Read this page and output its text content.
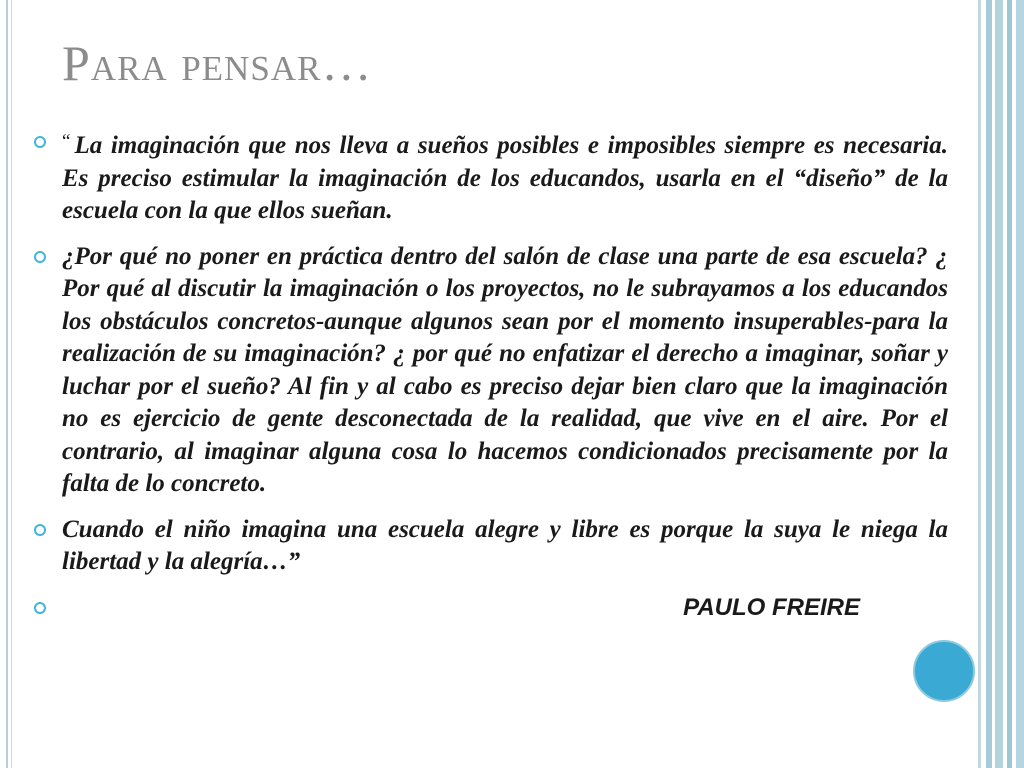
Para pensar…
“ La imaginación que nos lleva a sueños posibles e imposibles siempre es necesaria. Es preciso estimular la imaginación de los educandos, usarla en el “diseño” de la escuela con la que ellos sueñan.
¿Por qué no poner en práctica dentro del salón de clase una parte de esa escuela? ¿ Por qué al discutir la imaginación o los proyectos, no le subrayamos a los educandos los obstáculos concretos-aunque algunos sean por el momento insuperables-para la realización de su imaginación? ¿ por qué no enfatizar el derecho a imaginar, soñar y luchar por el sueño? Al fin y al cabo es preciso dejar bien claro que la imaginación no es ejercicio de gente desconectada de la realidad, que vive en el aire. Por el contrario, al imaginar alguna cosa lo hacemos condicionados precisamente por la falta de lo concreto.
Cuando el niño imagina una escuela alegre y libre es porque la suya le niega la libertad y la alegría…”
PAULO FREIRE
